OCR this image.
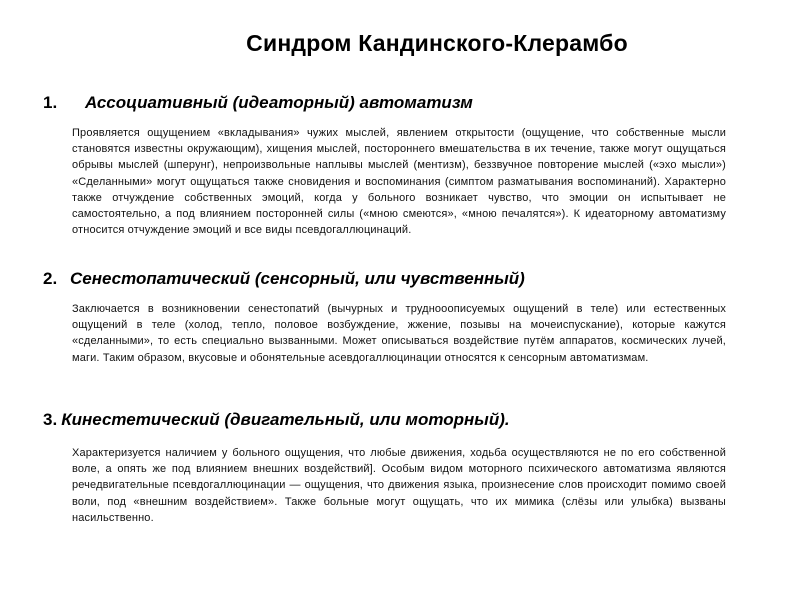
Синдром Кандинского-Клерамбо
1. Ассоциативный (идеаторный) автоматизм
Проявляется ощущением «вкладывания» чужих мыслей, явлением открытости (ощущение, что собственные мысли становятся известны окружающим), хищения мыслей, постороннего вмешательства в их течение, также могут ощущаться обрывы мыслей (шперунг), непроизвольные наплывы мыслей (ментизм), беззвучное повторение мыслей («эхо мысли») «Сделанными» могут ощущаться также сновидения и воспоминания (симптом разматывания воспоминаний). Характерно также отчуждение собственных эмоций, когда у больного возникает чувство, что эмоции он испытывает не самостоятельно, а под влиянием посторонней силы («мною смеются», «мною печалятся»). К идеаторному автоматизму относится отчуждение эмоций и все виды псевдогаллюцинаций.
2. Сенестопатический (сенсорный, или чувственный)
Заключается в возникновении сенестопатий (вычурных и труднооописуемых ощущений в теле) или естественных ощущений в теле (холод, тепло, половое возбуждение, жжение, позывы на мочеиспускание), которые кажутся «сделанными», то есть специально вызванными. Может описываться воздействие путём аппаратов, космических лучей, маги. Таким образом, вкусовые и обонятельные асевдогаллюцинации относятся к сенсорным автоматизмам.
3. Кинестетический (двигательный, или моторный).
Характеризуется наличием у больного ощущения, что любые движения, ходьба осуществляются не по его собственной воле, а опять же под влиянием внешних воздействий]. Особым видом моторного психического автоматизма являются речедвигательные псевдогаллюцинации — ощущения, что движения языка, произнесение слов происходит помимо своей воли, под «внешним воздействием». Также больные могут ощущать, что их мимика (слёзы или улыбка) вызваны насильственно.
